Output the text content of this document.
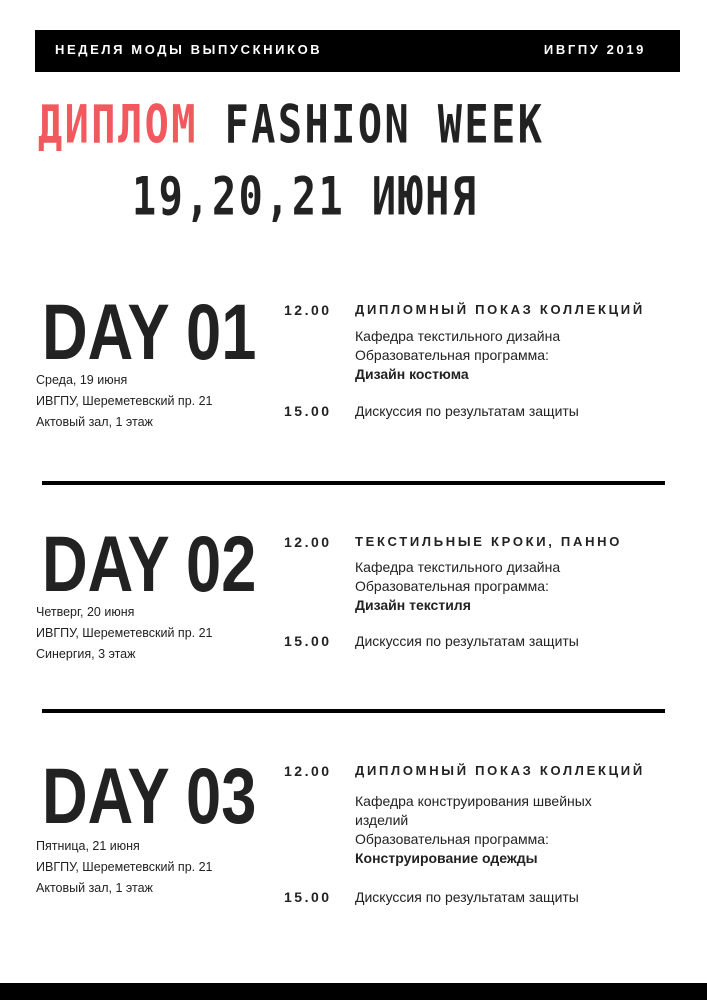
НЕДЕЛЯ МОДЫ ВЫПУСКНИКОВ	ИВГПУ 2019
ДИПЛОМ FASHION WEEK
19,20,21 ИЮНЯ
DAY 01
Среда, 19 июня
ИВГПУ, Шереметевский пр. 21
Актовый зал, 1 этаж
12.00 ДИПЛОМНЫЙ ПОКАЗ КОЛЛЕКЦИЙ
Кафедра текстильного дизайна
Образовательная программа:
Дизайн костюма
15.00 Дискуссия по результатам защиты
DAY 02
Четверг, 20 июня
ИВГПУ, Шереметевский пр. 21
Синергия, 3 этаж
12.00 ТЕКСТИЛЬНЫЕ КРОКИ, ПАННО
Кафедра текстильного дизайна
Образовательная программа:
Дизайн текстиля
15.00 Дискуссия по результатам защиты
DAY 03
Пятница, 21 июня
ИВГПУ, Шереметевский пр. 21
Актовый зал, 1 этаж
12.00 ДИПЛОМНЫЙ ПОКАЗ КОЛЛЕКЦИЙ
Кафедра конструирования швейных изделий
Образовательная программа:
Конструирование одежды
15.00 Дискуссия по результатам защиты
